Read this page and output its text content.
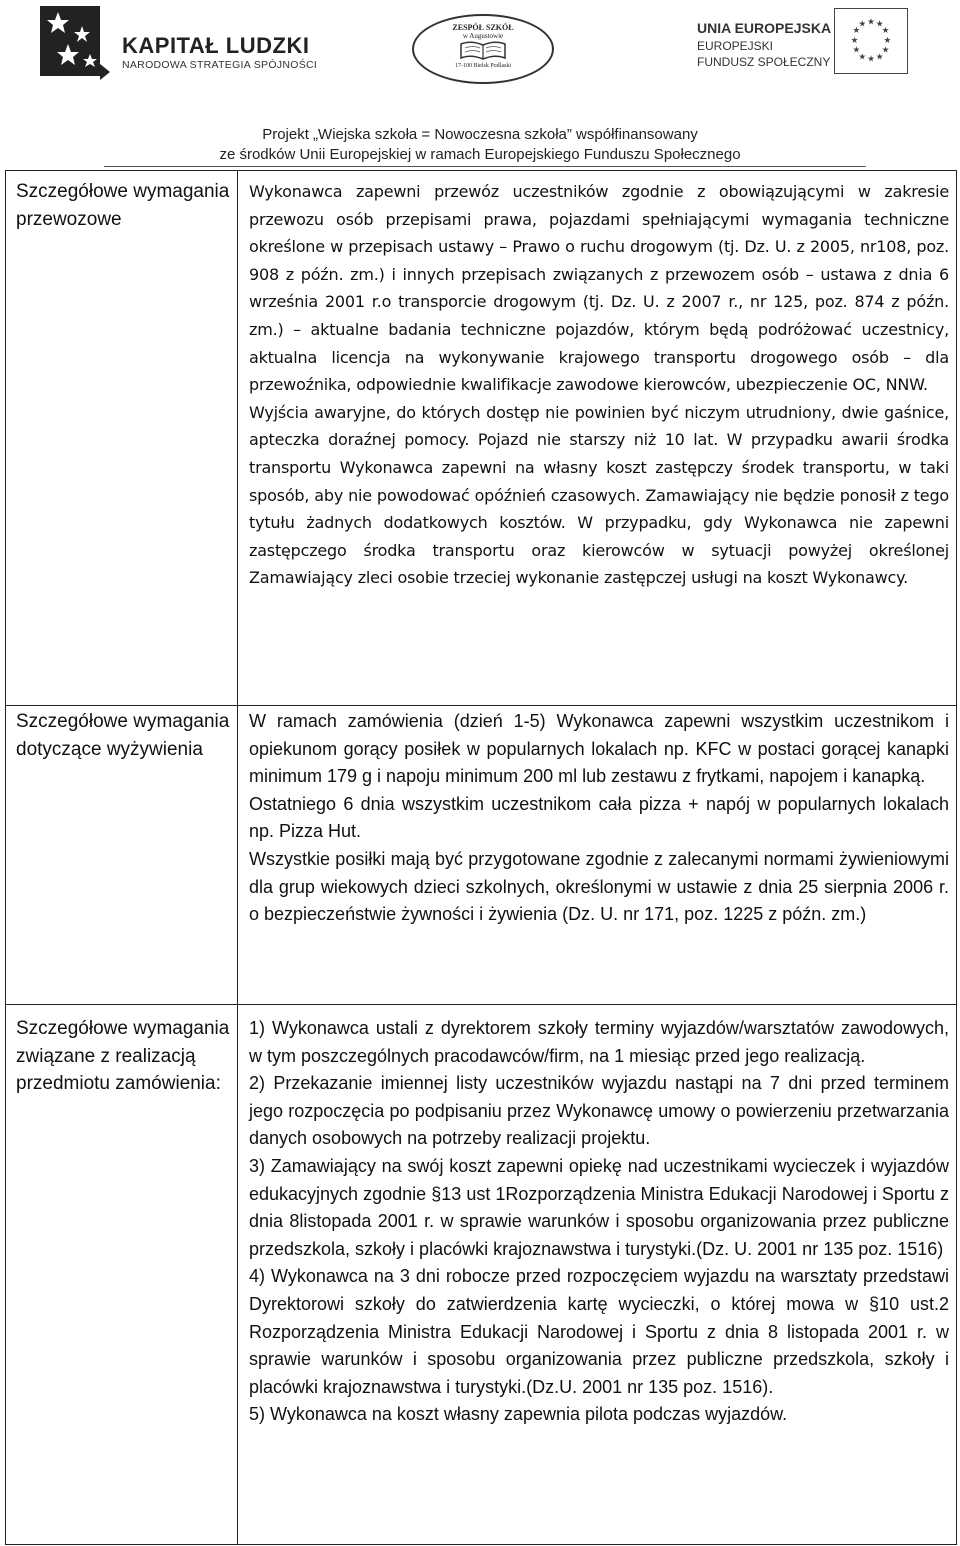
KAPITAŁ LUDZKI
NARODOWA STRATEGIA SPÓJNOŚCI
ZESPÓŁ SZKÓŁ
w Augustowie
17-100 Bielsk Podlaski
UNIA EUROPEJSKA
EUROPEJSKI
FUNDUSZ SPOŁECZNY
★ ★
★
★
★
★
★
★
★
★
★
★
Projekt „Wiejska szkoła = Nowoczesna szkoła” współfinansowany
ze środków Unii Europejskiej w ramach Europejskiego Funduszu Społecznego
Szczegółowe wymagania przewozowe

Wykonawca zapewni przewóz uczestników zgodnie z obowiązującymi w zakresie przewozu osób przepisami prawa, pojazdami spełniającymi wymagania techniczne określone w przepisach ustawy – Prawo o ruchu drogowym (tj. Dz. U. z 2005, nr108, poz. 908 z późn. zm.) i innych przepisach związanych z przewozem osób – ustawa z dnia 6 września 2001 r.o transporcie drogowym (tj. Dz. U. z 2007 r., nr 125, poz. 874 z późn. zm.) – aktualne badania techniczne pojazdów, którym będą podróżować uczestnicy, aktualna licencja na wykonywanie krajowego transportu drogowego osób – dla przewoźnika, odpowiednie kwalifikacje zawodowe kierowców, ubezpieczenie OC, NNW.

Wyjścia awaryjne, do których dostęp nie powinien być niczym utrudniony, dwie gaśnice, apteczka doraźnej pomocy. Pojazd nie starszy niż 10 lat. W przypadku awarii środka transportu Wykonawca zapewni na własny koszt zastępczy środek transportu, w taki sposób, aby nie powodować opóźnień czasowych. Zamawiający nie będzie ponosił z tego tytułu żadnych dodatkowych kosztów. W przypadku, gdy Wykonawca nie zapewni zastępczego środka transportu oraz kierowców w sytuacji powyżej określonej Zamawiający zleci osobie trzeciej wykonanie zastępczej usługi na koszt Wykonawcy.

Szczegółowe wymagania dotyczące wyżywienia

W ramach zamówienia (dzień 1-5) Wykonawca zapewni wszystkim uczestnikom i opiekunom gorący posiłek w popularnych lokalach np. KFC w postaci gorącej kanapki minimum 179 g i napoju minimum 200 ml lub zestawu z frytkami, napojem i kanapką.

Ostatniego 6 dnia wszystkim uczestnikom cała pizza + napój w popularnych lokalach np. Pizza Hut.

Wszystkie posiłki mają być przygotowane zgodnie z zalecanymi normami żywieniowymi dla grup wiekowych dzieci szkolnych, określonymi w ustawie z dnia 25 sierpnia 2006 r. o bezpieczeństwie żywności i żywienia (Dz. U. nr 171, poz. 1225 z późn. zm.)

Szczegółowe wymagania związane z realizacją przedmiotu zamówienia:

1) Wykonawca ustali z dyrektorem szkoły terminy wyjazdów/warsztatów zawodowych, w tym poszczególnych pracodawców/firm, na 1 miesiąc przed jego realizacją.

2) Przekazanie imiennej listy uczestników wyjazdu nastąpi na 7 dni przed terminem jego rozpoczęcia po podpisaniu przez Wykonawcę umowy o powierzeniu przetwarzania danych osobowych na potrzeby realizacji projektu.

3) Zamawiający na swój koszt zapewni opiekę nad uczestnikami wycieczek i wyjazdów edukacyjnych zgodnie §13 ust 1Rozporządzenia Ministra Edukacji Narodowej i Sportu z dnia 8listopada 2001 r. w sprawie warunków i sposobu organizowania przez publiczne przedszkola, szkoły i placówki krajoznawstwa i turystyki.(Dz. U. 2001 nr 135 poz. 1516)

4) Wykonawca na 3 dni robocze przed rozpoczęciem wyjazdu na warsztaty przedstawi Dyrektorowi szkoły do zatwierdzenia kartę wycieczki, o której mowa w §10 ust.2 Rozporządzenia Ministra Edukacji Narodowej i Sportu z dnia 8 listopada 2001 r. w sprawie warunków i sposobu organizowania przez publiczne przedszkola, szkoły i placówki krajoznawstwa i turystyki.(Dz.U. 2001 nr 135 poz. 1516).

5) Wykonawca na koszt własny zapewnia pilota podczas wyjazdów.
